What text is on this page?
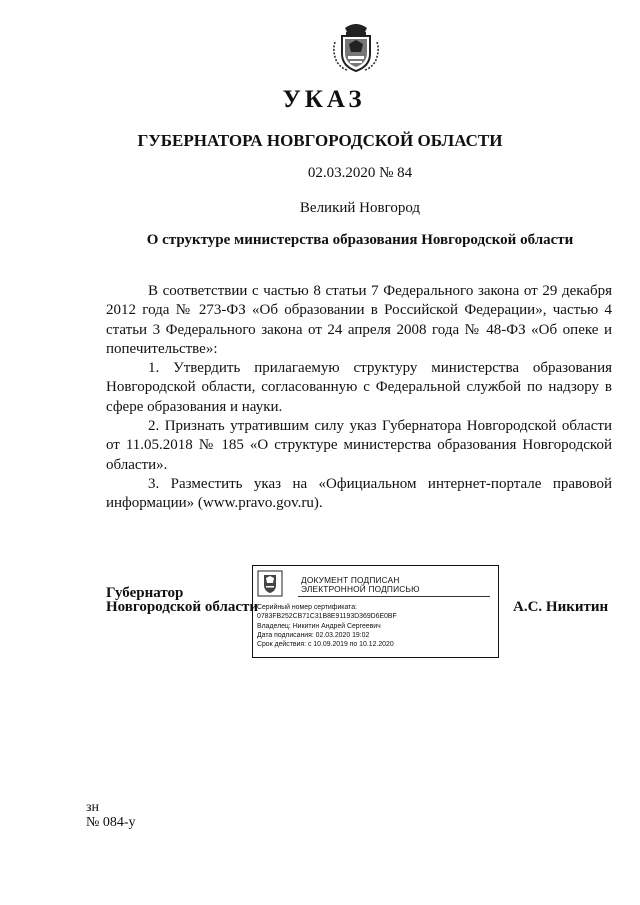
УКАЗ
ГУБЕРНАТОРА НОВГОРОДСКОЙ ОБЛАСТИ
02.03.2020 № 84
Великий Новгород
О структуре министерства образования Новгородской области

В соответствии с частью 8 статьи 7 Федерального закона от 29 декабря 2012 года № 273-ФЗ «Об образовании в Российской Федерации», частью 4 статьи 3 Федерального закона от 24 апреля 2008 года № 48-ФЗ «Об опеке и попечительстве»:

1. Утвердить прилагаемую структуру министерства образования Новгородской области, согласованную с Федеральной службой по надзору в сфере образования и науки.

2. Признать утратившим силу указ Губернатора Новгородской области от 11.05.2018 № 185 «О структуре министерства образования Новгородской области».

3. Разместить указ на «Официальном интернет-портале правовой информации» (www.pravo.gov.ru).

Губернатор
Новгородской области
ДОКУМЕНТ ПОДПИСАН
ЭЛЕКТРОННОЙ ПОДПИСЬЮ
Серийный номер сертификата:
0783FB252CB71C31B8E91193D369D6E0BF
Владелец: Никитин Андрей Сергеевич
Дата подписания: 02.03.2020 19:02
Срок действия: с 10.09.2019 по 10.12.2020
А.С. Никитин
зн
№ 084-у
